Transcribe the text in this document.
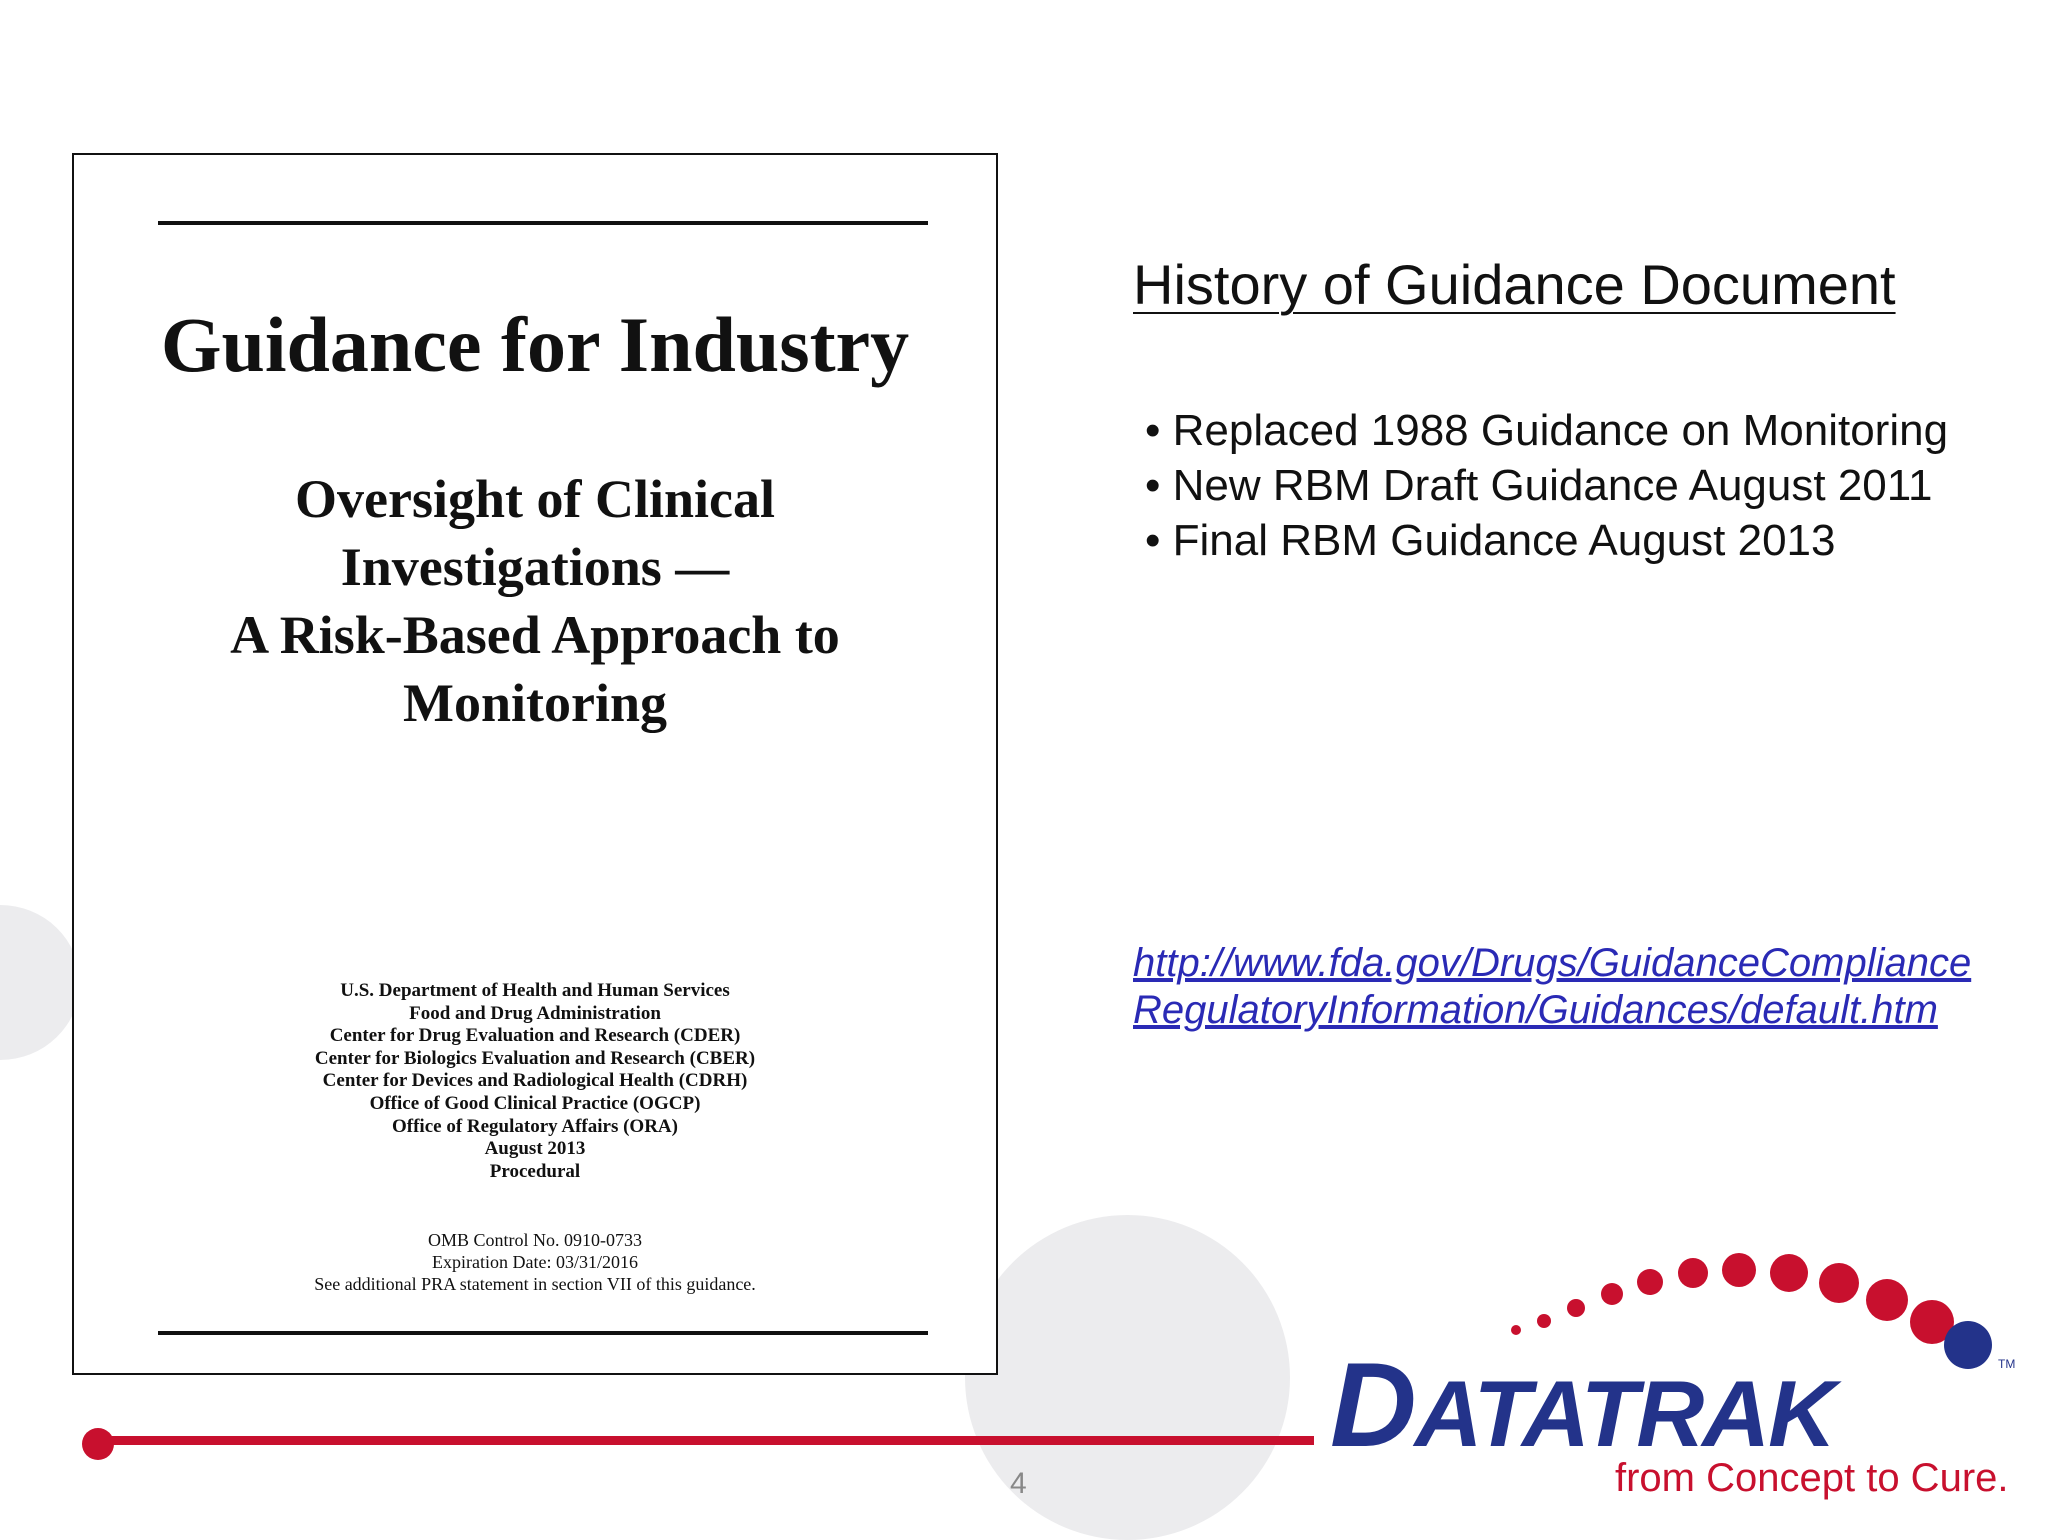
Guidance for Industry
Oversight of Clinical
Investigations —
A Risk-Based Approach to
Monitoring
U.S. Department of Health and Human Services
Food and Drug Administration
Center for Drug Evaluation and Research (CDER)
Center for Biologics Evaluation and Research (CBER)
Center for Devices and Radiological Health (CDRH)
Office of Good Clinical Practice (OGCP)
Office of Regulatory Affairs (ORA)
August 2013
Procedural
OMB Control No. 0910-0733
Expiration Date: 03/31/2016
See additional PRA statement in section VII of this guidance.
History of Guidance Document
• Replaced 1988 Guidance on Monitoring
• New RBM Draft Guidance August 2011
• Final RBM Guidance August 2013
http://www.fda.gov/Drugs/GuidanceComplianceRegulatoryInformation/Guidances/default.htm
4
DATATRAK	TM
from Concept to Cure.
